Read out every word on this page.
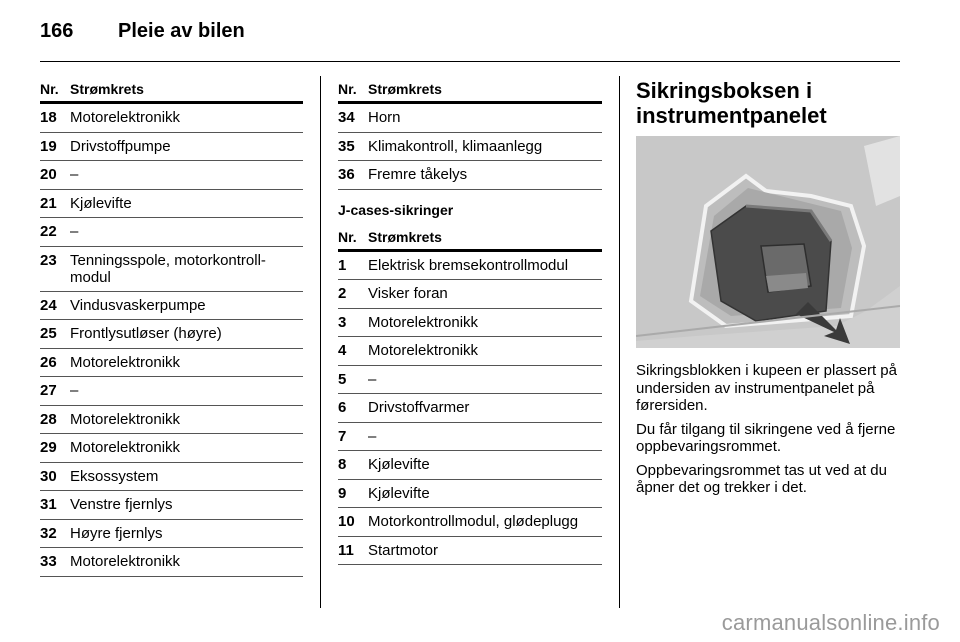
166	Pleie av bilen
Nr. Strømkrets
18 Motorelektronikk
19 Drivstoffpumpe
20 –
21 Kjølevifte
22 –
23 Tenningsspole, motorkontroll-modul
24 Vindusvaskerpumpe
25 Frontlysutløser (høyre)
26 Motorelektronikk
27 –
28 Motorelektronikk
29 Motorelektronikk
30 Eksossystem
31 Venstre fjernlys
32 Høyre fjernlys
33 Motorelektronikk
Nr. Strømkrets
34 Horn
35 Klimakontroll, klimaanlegg
36 Fremre tåkelys
J-cases-sikringer
Nr. Strømkrets
1	Elektrisk bremsekontrollmodul
2	Visker foran
3	Motorelektronikk
4	Motorelektronikk
5	–
6	Drivstoffvarmer
7	–
8	Kjølevifte
9	Kjølevifte
10 Motorkontrollmodul, glødeplugg
11 Startmotor
Sikringsboksen i
instrumentpanelet

Sikringsblokken i kupeen er plassert på undersiden av instrumentpanelet på førersiden.

Du får tilgang til sikringene ved å fjerne oppbevaringsrommet.

Oppbevaringsrommet tas ut ved at du åpner det og trekker i det.

carmanualsonline.info
